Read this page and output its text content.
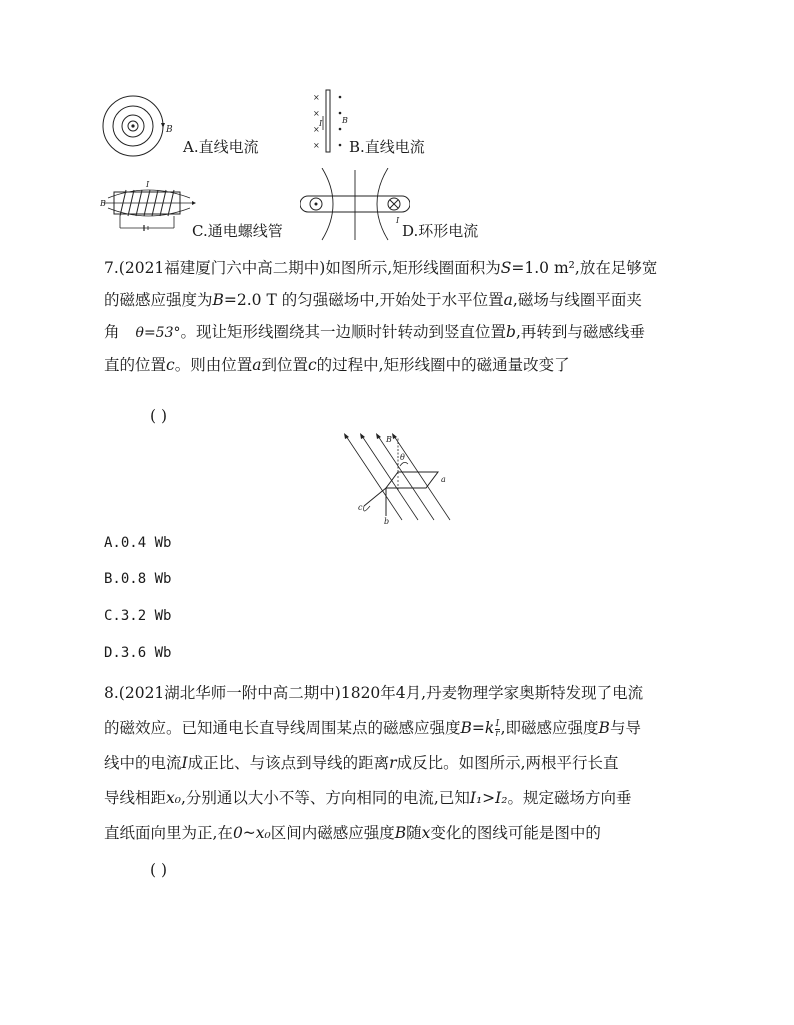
B
A.直线电流
×
×
×
×
I B
B.直线电流
I
B
C.通电螺线管
I
D.环形电流
7.(2021福建厦门六中高二期中)如图所示,矩形线圈面积为S=1.0 m²,放在足够宽
的磁感应强度为B=2.0 T 的匀强磁场中,开始处于水平位置a,磁场与线圈平面夹
角 θ=53°。现让矩形线圈绕其一边顺时针转动到竖直位置b,再转到与磁感线垂
直的位置c。则由位置a到位置c的过程中,矩形线圈中的磁通量改变了
( )
B
θ
a
b
c
A.0.4 Wb
B.0.8 Wb
C.3.2 Wb
D.3.6 Wb
8.(2021湖北华师一附中高二期中)1820年4月,丹麦物理学家奥斯特发现了电流
的磁效应。已知通电长直导线周围某点的磁感应强度$B=k \frac{I}{r}$ ,即磁感应强度B与导
线中的电流I成正比、与该点到导线的距离r成反比。如图所示,两根平行长直
导线相距x₀,分别通以大小不等、方向相同的电流,已知I₁>I₂。规定磁场方向垂
直纸面向里为正,在0~x₀区间内磁感应强度B随x变化的图线可能是图中的
( )
